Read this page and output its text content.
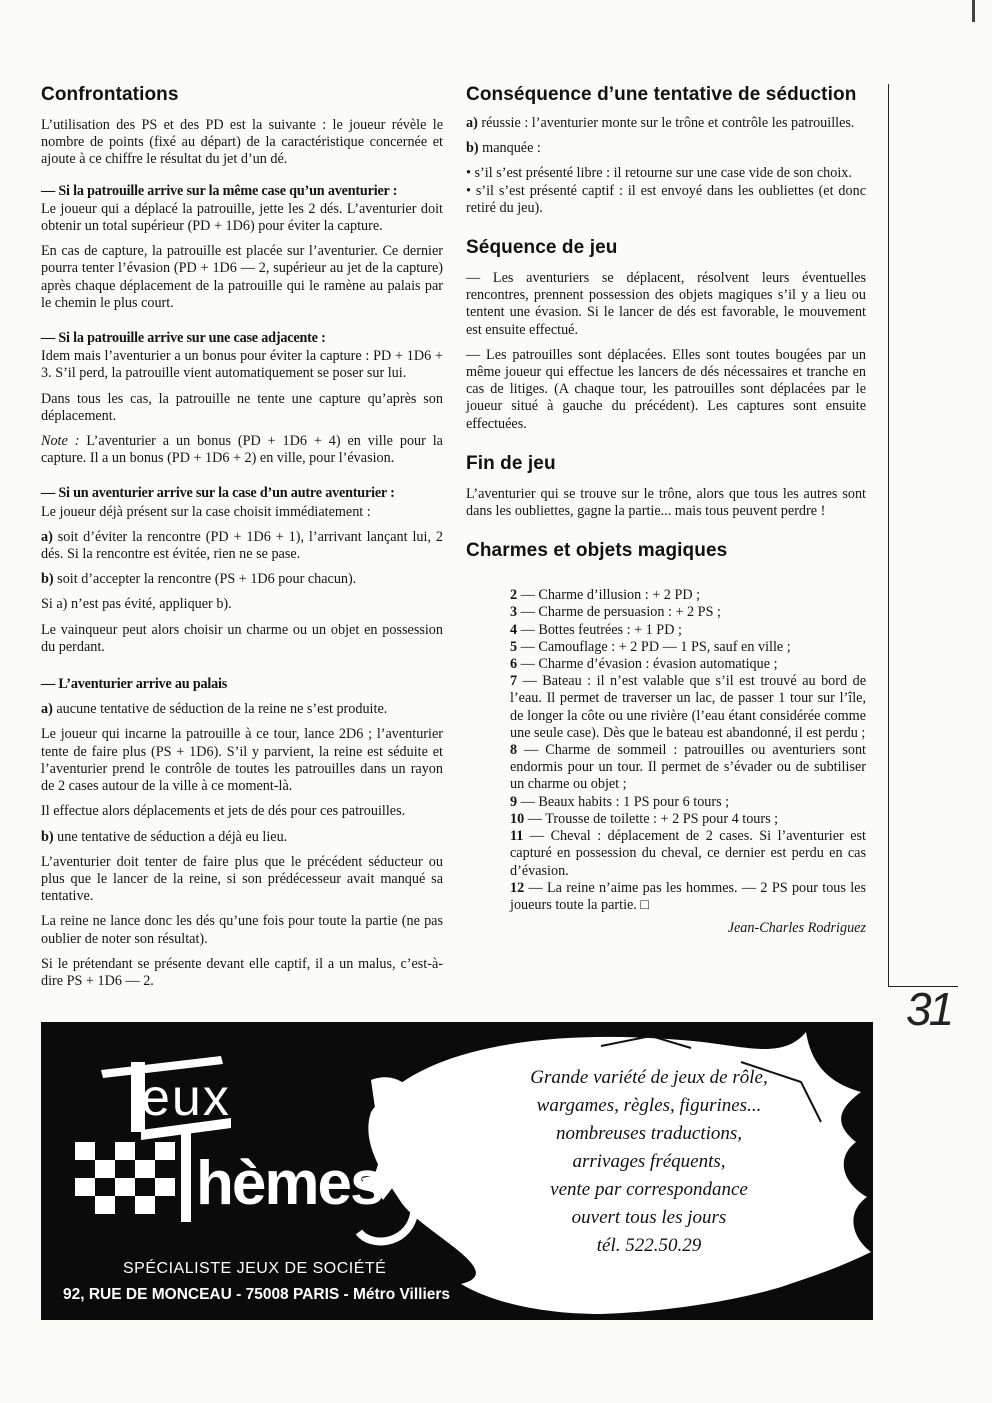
Confrontations

L’utilisation des PS et des PD est la suivante : le joueur révèle le nombre de points (fixé au départ) de la caractéristique concernée et ajoute à ce chiffre le résultat du jet d’un dé.

— Si la patrouille arrive sur la même case qu’un aventurier :

Le joueur qui a déplacé la patrouille, jette les 2 dés. L’aventurier doit obtenir un total supérieur (PD + 1D6) pour éviter la capture.

En cas de capture, la patrouille est placée sur l’aventurier. Ce dernier pourra tenter l’évasion (PD + 1D6 — 2, supérieur au jet de la capture) après chaque déplacement de la patrouille qui le ramène au palais par le chemin le plus court.

— Si la patrouille arrive sur une case adjacente :

Idem mais l’aventurier a un bonus pour éviter la capture : PD + 1D6 + 3. S’il perd, la patrouille vient automatiquement se poser sur lui.

Dans tous les cas, la patrouille ne tente une capture qu’après son déplacement.

Note : L’aventurier a un bonus (PD + 1D6 + 4) en ville pour la capture. Il a un bonus (PD + 1D6 + 2) en ville, pour l’évasion.

— Si un aventurier arrive sur la case d’un autre aventurier :

Le joueur déjà présent sur la case choisit immédiatement :

a) soit d’éviter la rencontre (PD + 1D6 + 1), l’arrivant lançant lui, 2 dés. Si la rencontre est évitée, rien ne se pase.

b) soit d’accepter la rencontre (PS + 1D6 pour chacun).

Si a) n’est pas évité, appliquer b).

Le vainqueur peut alors choisir un charme ou un objet en possession du perdant.

— L’aventurier arrive au palais

a) aucune tentative de séduction de la reine ne s’est produite.

Le joueur qui incarne la patrouille à ce tour, lance 2D6 ; l’aventurier tente de faire plus (PS + 1D6). S’il y parvient, la reine est séduite et l’aventurier prend le contrôle de toutes les patrouilles dans un rayon de 2 cases autour de la ville à ce moment-là.

Il effectue alors déplacements et jets de dés pour ces patrouilles.

b) une tentative de séduction a déjà eu lieu.

L’aventurier doit tenter de faire plus que le précédent séducteur ou plus que le lancer de la reine, si son prédécesseur avait manqué sa tentative.

La reine ne lance donc les dés qu’une fois pour toute la partie (ne pas oublier de noter son résultat).

Si le prétendant se présente devant elle captif, il a un malus, c’est-à-dire PS + 1D6 — 2.

Conséquence d’une tentative de séduction

a) réussie : l’aventurier monte sur le trône et contrôle les patrouilles.

b) manquée :

• s’il s’est présenté libre : il retourne sur une case vide de son choix.

• s’il s’est présenté captif : il est envoyé dans les oubliettes (et donc retiré du jeu).

Séquence de jeu

— Les aventuriers se déplacent, résolvent leurs éventuelles rencontres, prennent possession des objets magiques s’il y a lieu ou tentent une évasion. Si le lancer de dés est favorable, le mouvement est ensuite effectué.

— Les patrouilles sont déplacées. Elles sont toutes bougées par un même joueur qui effectue les lancers de dés nécessaires et tranche en cas de litiges. (A chaque tour, les patrouilles sont déplacées par le joueur situé à gauche du précédent). Les captures sont ensuite effectuées.

Fin de jeu

L’aventurier qui se trouve sur le trône, alors que tous les autres sont dans les oubliettes, gagne la partie... mais tous peuvent perdre !

Charmes et objets magiques
2 — Charme d’illusion : + 2 PD ;
3 — Charme de persuasion : + 2 PS ;
4 — Bottes feutrées : + 1 PD ;
5 — Camouflage : + 2 PD — 1 PS, sauf en ville ;
6 — Charme d’évasion : évasion automatique ;
7 — Bateau : il n’est valable que s’il est trouvé au bord de l’eau. Il permet de traverser un lac, de passer 1 tour sur l’île, de longer la côte ou une rivière (l’eau étant considérée comme une seule case). Dès que le bateau est abandonné, il est perdu ;
8 — Charme de sommeil : patrouilles ou aventuriers sont endormis pour un tour. Il permet de s’évader ou de subtiliser un charme ou objet ;
9 — Beaux habits : 1 PS pour 6 tours ;
10 — Trousse de toilette : + 2 PS pour 4 tours ;
11 — Cheval : déplacement de 2 cases. Si l’aventurier est capturé en possession du cheval, ce dernier est perdu en cas d’évasion.
12 — La reine n’aime pas les hommes. — 2 PS pour tous les joueurs toute la partie. □

Jean-Charles Rodriguez

31
eux
hèmes
Grande variété de jeux de rôle,
wargames, règles, figurines...
nombreuses traductions,
arrivages fréquents,
vente par correspondance
ouvert tous les jours
tél. 522.50.29
SPÉCIALISTE JEUX DE SOCIÉTÉ
92, RUE DE MONCEAU - 75008 PARIS - Métro Villiers
